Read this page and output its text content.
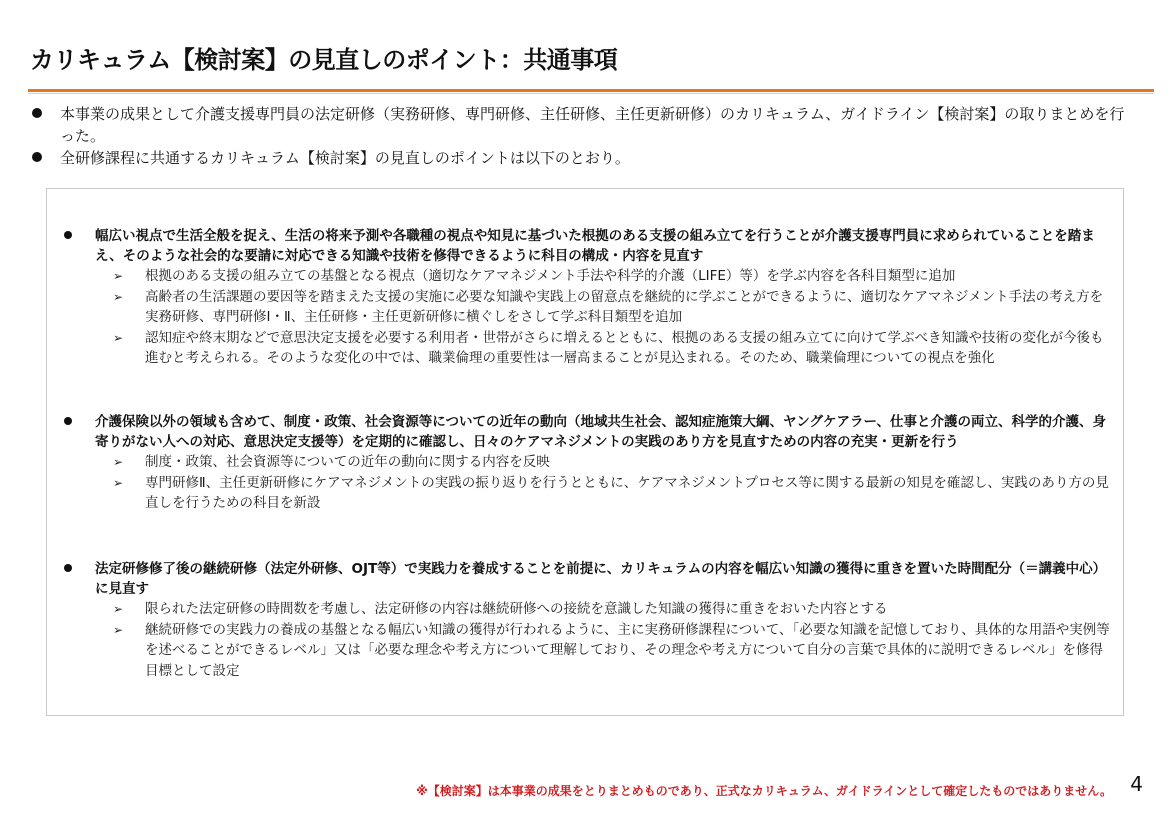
カリキュラム【検討案】の見直しのポイント：共通事項
本事業の成果として介護支援専門員の法定研修（実務研修、専門研修、主任研修、主任更新研修）のカリキュラム、ガイドライン【検討案】の取りまとめを行った。
全研修課程に共通するカリキュラム【検討案】の見直しのポイントは以下のとおり。
幅広い視点で生活全般を捉え、生活の将来予測や各職種の視点や知見に基づいた根拠のある支援の組み立てを行うことが介護支援専門員に求められていることを踏まえ、そのような社会的な要請に対応できる知識や技術を修得できるように科目の構成・内容を見直す
➢ 根拠のある支援の組み立ての基盤となる視点（適切なケアマネジメント手法や科学的介護（LIFE）等）を学ぶ内容を各科目類型に追加
➢ 高齢者の生活課題の要因等を踏まえた支援の実施に必要な知識や実践上の留意点を継続的に学ぶことができるように、適切なケアマネジメント手法の考え方を実務研修、専門研修Ⅰ・Ⅱ、主任研修・主任更新研修に横ぐしをさして学ぶ科目類型を追加
➢ 認知症や終末期などで意思決定支援を必要する利用者・世帯がさらに増えるとともに、根拠のある支援の組み立てに向けて学ぶべき知識や技術の変化が今後も進むと考えられる。そのような変化の中では、職業倫理の重要性は一層高まることが見込まれる。そのため、職業倫理についての視点を強化
介護保険以外の領域も含めて、制度・政策、社会資源等についての近年の動向（地域共生社会、認知症施策大綱、ヤングケアラー、仕事と介護の両立、科学的介護、身寄りがない人への対応、意思決定支援等）を定期的に確認し、日々のケアマネジメントの実践のあり方を見直すための内容の充実・更新を行う
➢ 制度・政策、社会資源等についての近年の動向に関する内容を反映
➢ 専門研修Ⅱ、主任更新研修にケアマネジメントの実践の振り返りを行うとともに、ケアマネジメントプロセス等に関する最新の知見を確認し、実践のあり方の見直しを行うための科目を新設
法定研修修了後の継続研修（法定外研修、OJT等）で実践力を養成することを前提に、カリキュラムの内容を幅広い知識の獲得に重きを置いた時間配分（＝講義中心）に見直す
➢ 限られた法定研修の時間数を考慮し、法定研修の内容は継続研修への接続を意識した知識の獲得に重きをおいた内容とする
➢ 継続研修での実践力の養成の基盤となる幅広い知識の獲得が行われるように、主に実務研修課程について、「必要な知識を記憶しており、具体的な用語や実例等を述べることができるレベル」又は「必要な理念や考え方について理解しており、その理念や考え方について自分の言葉で具体的に説明できるレベル」を修得目標として設定
※【検討案】は本事業の成果をとりまとめものであり、正式なカリキュラム、ガイドラインとして確定したものではありません。 4
